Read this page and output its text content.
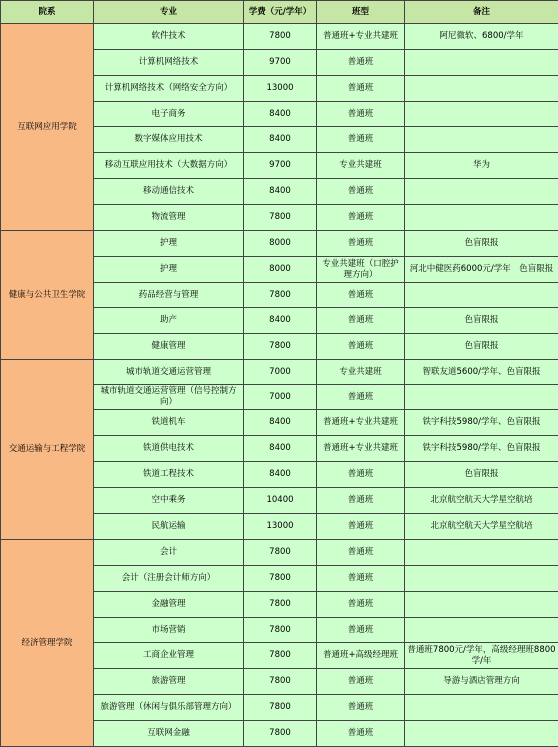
院系	专业	学费（元/学年）	班型	备注
互联网应用学院	软件技术	7800	普通班+专业共建班	阿尼微软、6800/学年
	计算机网络技术	9700	普通班	
	计算机网络技术（网络安全方向）	13000	普通班	
	电子商务	8400	普通班	
	数字媒体应用技术	8400	普通班	
	移动互联应用技术（大数据方向）	9700	专业共建班	华为
	移动通信技术	8400	普通班	
	物流管理	7800	普通班	
健康与公共卫生学院	护理	8000	普通班	色盲限报
	护理	8000	专业共建班（口腔护理方向）	河北中健医药6000元/学年　色盲限报
	药品经营与管理	7800	普通班	
	助产	8400	普通班	色盲限报
	健康管理	7800	普通班	色盲限报
交通运输与工程学院	城市轨道交通运营管理	7000	专业共建班	智联友道5600/学年、色盲限报
	城市轨道交通运营管理（信号控制方向）	7000	普通班	
	铁道机车	8400	普通班+专业共建班	铁宇科技5980/学年、色盲限报
	铁道供电技术	8400	普通班+专业共建班	铁宇科技5980/学年、色盲限报
	铁道工程技术	8400	普通班	色盲限报
	空中乘务	10400	普通班	北京航空航天大学星空航培
	民航运输	13000	普通班	北京航空航天大学星空航培
经济管理学院	会计	7800	普通班	
	会计（注册会计师方向）	7800	普通班	
	金融管理	7800	普通班	
	市场营销	7800	普通班	
	工商企业管理	7800	普通班+高级经理班	普通班7800元/学年，高级经理班8800学/年
	旅游管理	7800	普通班	导游与酒店管理方向
	旅游管理（休闲与俱乐部管理方向）	7800	普通班	
	互联网金融	7800	普通班	
